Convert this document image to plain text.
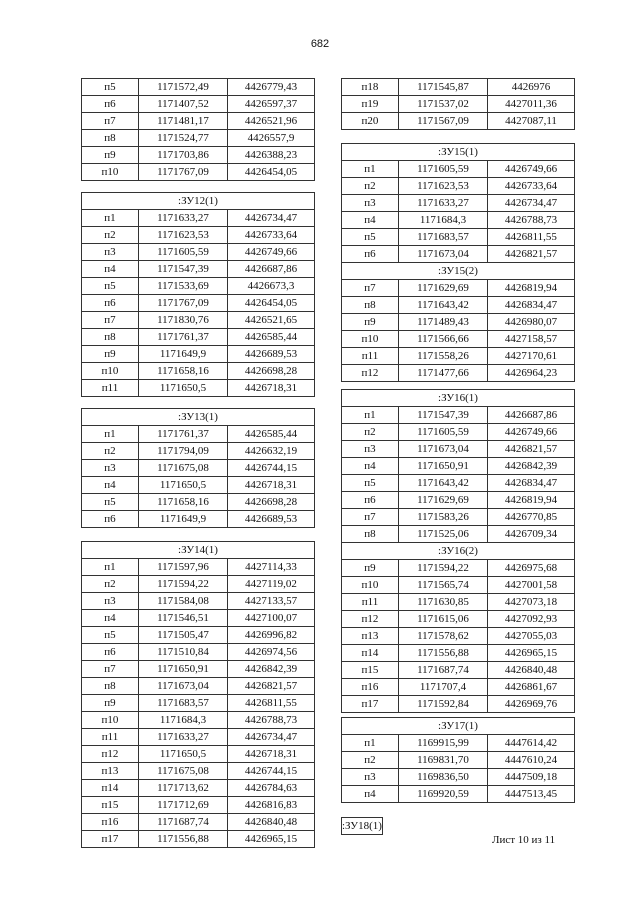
682
п5	1171572,49	4426779,43
п6	1171407,52	4426597,37
п7	1171481,17	4426521,96
п8	1171524,77	4426557,9
п9	1171703,86	4426388,23
п10	1171767,09	4426454,05
:ЗУ12(1)		
п1	1171633,27	4426734,47
п2	1171623,53	4426733,64
п3	1171605,59	4426749,66
п4	1171547,39	4426687,86
п5	1171533,69	4426673,3
п6	1171767,09	4426454,05
п7	1171830,76	4426521,65
п8	1171761,37	4426585,44
п9	1171649,9	4426689,53
п10	1171658,16	4426698,28
п11	1171650,5	4426718,31
:ЗУ13(1)		
п1	1171761,37	4426585,44
п2	1171794,09	4426632,19
п3	1171675,08	4426744,15
п4	1171650,5	4426718,31
п5	1171658,16	4426698,28
п6	1171649,9	4426689,53
:ЗУ14(1)		
п1	1171597,96	4427114,33
п2	1171594,22	4427119,02
п3	1171584,08	4427133,57
п4	1171546,51	4427100,07
п5	1171505,47	4426996,82
п6	1171510,84	4426974,56
п7	1171650,91	4426842,39
п8	1171673,04	4426821,57
п9	1171683,57	4426811,55
п10	1171684,3	4426788,73
п11	1171633,27	4426734,47
п12	1171650,5	4426718,31
п13	1171675,08	4426744,15
п14	1171713,62	4426784,63
п15	1171712,69	4426816,83
п16	1171687,74	4426840,48
п17	1171556,88	4426965,15
п18	1171545,87	4426976
п19	1171537,02	4427011,36
п20	1171567,09	4427087,11
:ЗУ15(1)		
п1	1171605,59	4426749,66
п2	1171623,53	4426733,64
п3	1171633,27	4426734,47
п4	1171684,3	4426788,73
п5	1171683,57	4426811,55
п6	1171673,04	4426821,57
:ЗУ15(2)		
п7	1171629,69	4426819,94
п8	1171643,42	4426834,47
п9	1171489,43	4426980,07
п10	1171566,66	4427158,57
п11	1171558,26	4427170,61
п12	1171477,66	4426964,23
:ЗУ16(1)		
п1	1171547,39	4426687,86
п2	1171605,59	4426749,66
п3	1171673,04	4426821,57
п4	1171650,91	4426842,39
п5	1171643,42	4426834,47
п6	1171629,69	4426819,94
п7	1171583,26	4426770,85
п8	1171525,06	4426709,34
:ЗУ16(2)		
п9	1171594,22	4426975,68
п10	1171565,74	4427001,58
п11	1171630,85	4427073,18
п12	1171615,06	4427092,93
п13	1171578,62	4427055,03
п14	1171556,88	4426965,15
п15	1171687,74	4426840,48
п16	1171707,4	4426861,67
п17	1171592,84	4426969,76
:ЗУ17(1)		
п1	1169915,99	4447614,42
п2	1169831,70	4447610,24
п3	1169836,50	4447509,18
п4	1169920,59	4447513,45
:ЗУ18(1)
Лист 10 из 11
